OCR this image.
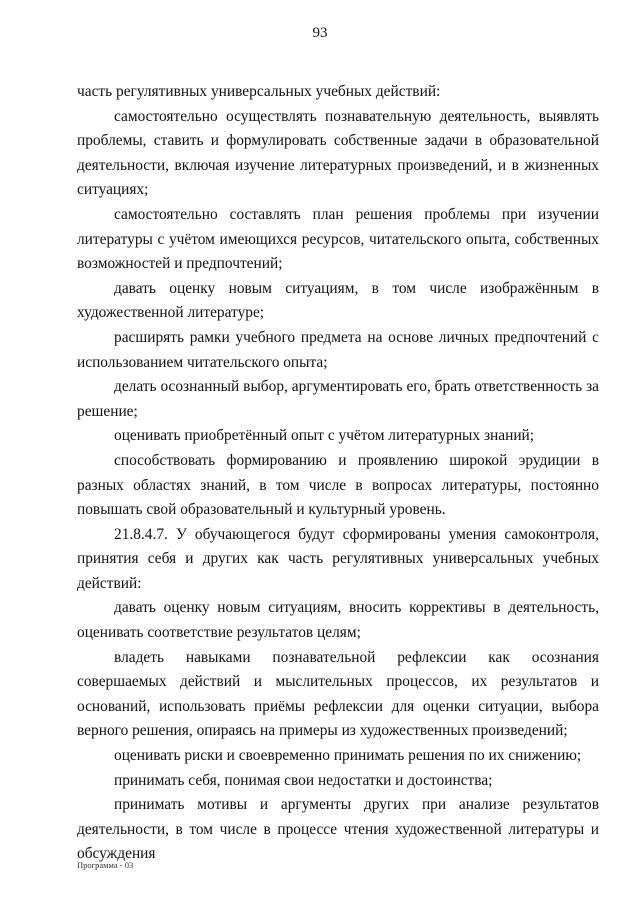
93

часть регулятивных универсальных учебных действий:

самостоятельно осуществлять познавательную деятельность, выявлять проблемы, ставить и формулировать собственные задачи в образовательной деятельности, включая изучение литературных произведений, и в жизненных ситуациях;

самостоятельно составлять план решения проблемы при изучении литературы с учётом имеющихся ресурсов, читательского опыта, собственных возможностей и предпочтений;

давать оценку новым ситуациям, в том числе изображённым в художественной литературе;

расширять рамки учебного предмета на основе личных предпочтений с использованием читательского опыта;

делать осознанный выбор, аргументировать его, брать ответственность за решение;

оценивать приобретённый опыт с учётом литературных знаний;

способствовать формированию и проявлению широкой эрудиции в разных областях знаний, в том числе в вопросах литературы, постоянно повышать свой образовательный и культурный уровень.

21.8.4.7. У обучающегося будут сформированы умения самоконтроля, принятия себя и других как часть регулятивных универсальных учебных действий:

давать оценку новым ситуациям, вносить коррективы в деятельность, оценивать соответствие результатов целям;

владеть навыками познавательной рефлексии как осознания совершаемых действий и мыслительных процессов, их результатов и оснований, использовать приёмы рефлексии для оценки ситуации, выбора верного решения, опираясь на примеры из художественных произведений;

оценивать риски и своевременно принимать решения по их снижению;

принимать себя, понимая свои недостатки и достоинства;

принимать мотивы и аргументы других при анализе результатов деятельности, в том числе в процессе чтения художественной литературы и обсуждения

Программа - 03
